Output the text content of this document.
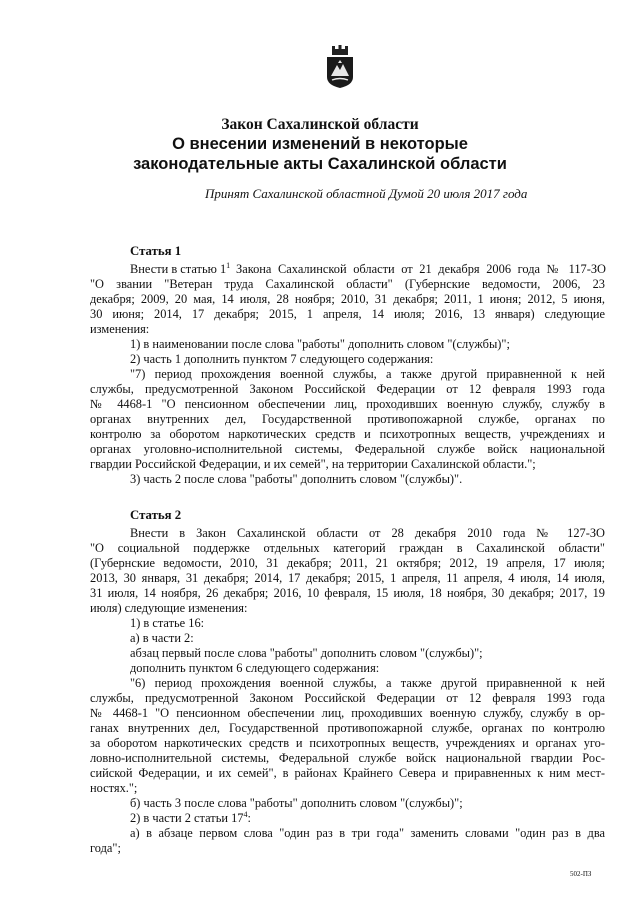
Закон Сахалинской области
О внесении изменений в некоторые
законодательные акты Сахалинской области
Принят Сахалинской областной Думой 20 июля 2017 года
Статья 1
Внести в статью $1^1$ Закона Сахалинской области от 21 декабря 2006 года № 117-ЗО
"О звании "Ветеран труда Сахалинской области" (Губернские ведомости, 2006, 23
декабря; 2009, 20 мая, 14 июля, 28 ноября; 2010, 31 декабря; 2011, 1 июня; 2012, 5 июня,
30 июня; 2014, 17 декабря; 2015, 1 апреля, 14 июля; 2016, 13 января) следующие
изменения:
1) в наименовании после слова "работы" дополнить словом "(службы)";
2) часть 1 дополнить пунктом 7 следующего содержания:
"7) период прохождения военной службы, а также другой приравненной к ней
службы, предусмотренной Законом Российской Федерации от 12 февраля 1993 года
№ 4468-1 "О пенсионном обеспечении лиц, проходивших военную службу, службу в
органах внутренних дел, Государственной противопожарной службе, органах по
контролю за оборотом наркотических средств и психотропных веществ, учреждениях и
органах уголовно-исполнительной системы, Федеральной службе войск национальной
гвардии Российской Федерации, и их семей", на территории Сахалинской области.";
3) часть 2 после слова "работы" дополнить словом "(службы)".
Статья 2
Внести в Закон Сахалинской области от 28 декабря 2010 года № 127-ЗО
"О социальной поддержке отдельных категорий граждан в Сахалинской области"
(Губернские ведомости, 2010, 31 декабря; 2011, 21 октября; 2012, 19 апреля, 17 июля;
2013, 30 января, 31 декабря; 2014, 17 декабря; 2015, 1 апреля, 11 апреля, 4 июля, 14 июля,
31 июля, 14 ноября, 26 декабря; 2016, 10 февраля, 15 июля, 18 ноября, 30 декабря; 2017, 19
июля) следующие изменения:
1) в статье 16:
а) в части 2:
абзац первый после слова "работы" дополнить словом "(службы)";
дополнить пунктом 6 следующего содержания:
"6) период прохождения военной службы, а также другой приравненной к ней
службы, предусмотренной Законом Российской Федерации от 12 февраля 1993 года
№ 4468-1 "О пенсионном обеспечении лиц, проходивших военную службу, службу в ор-
ганах внутренних дел, Государственной противопожарной службе, органах по контролю
за оборотом наркотических средств и психотропных веществ, учреждениях и органах уго-
ловно-исполнительной системы, Федеральной службе войск национальной гвардии Рос-
сийской Федерации, и их семей", в районах Крайнего Севера и приравненных к ним мест-
ностях.";
б) часть 3 после слова "работы" дополнить словом "(службы)";
2) в части 2 статьи $17^4$:
а) в абзаце первом слова "один раз в три года" заменить словами "один раз в два
года";
502-ПЗ
